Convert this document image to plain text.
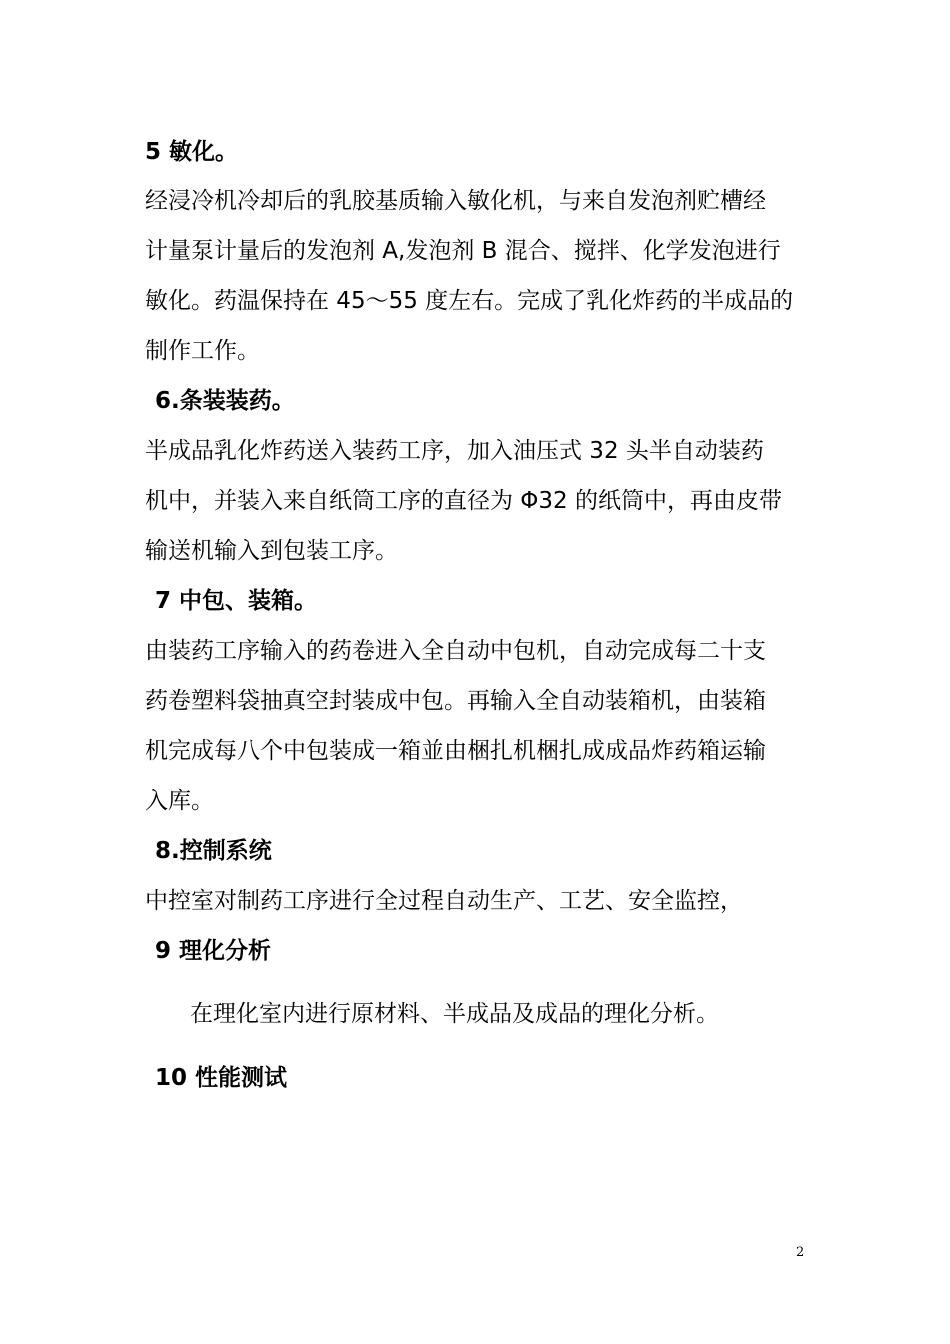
5 敏化。
经浸冷机冷却后的乳胶基质输入敏化机，与来自发泡剂贮槽经
计量泵计量后的发泡剂 A,发泡剂 B 混合、搅拌、化学发泡进行
敏化。药温保持在 45～55 度左右。完成了乳化炸药的半成品的
制作工作。
6.条装装药。
半成品乳化炸药送入装药工序，加入油压式 32 头半自动装药
机中，并装入来自纸筒工序的直径为 Φ32 的纸筒中，再由皮带
输送机输入到包装工序。
7 中包、装箱。
由装药工序输入的药卷进入全自动中包机，自动完成每二十支
药卷塑料袋抽真空封装成中包。再输入全自动装箱机，由装箱
机完成每八个中包装成一箱並由梱扎机梱扎成成品炸药箱运输
入库。
8.控制系统
中控室对制药工序进行全过程自动生产、工艺、安全监控，
9 理化分析
在理化室内进行原材料、半成品及成品的理化分析。
10 性能测试
2
